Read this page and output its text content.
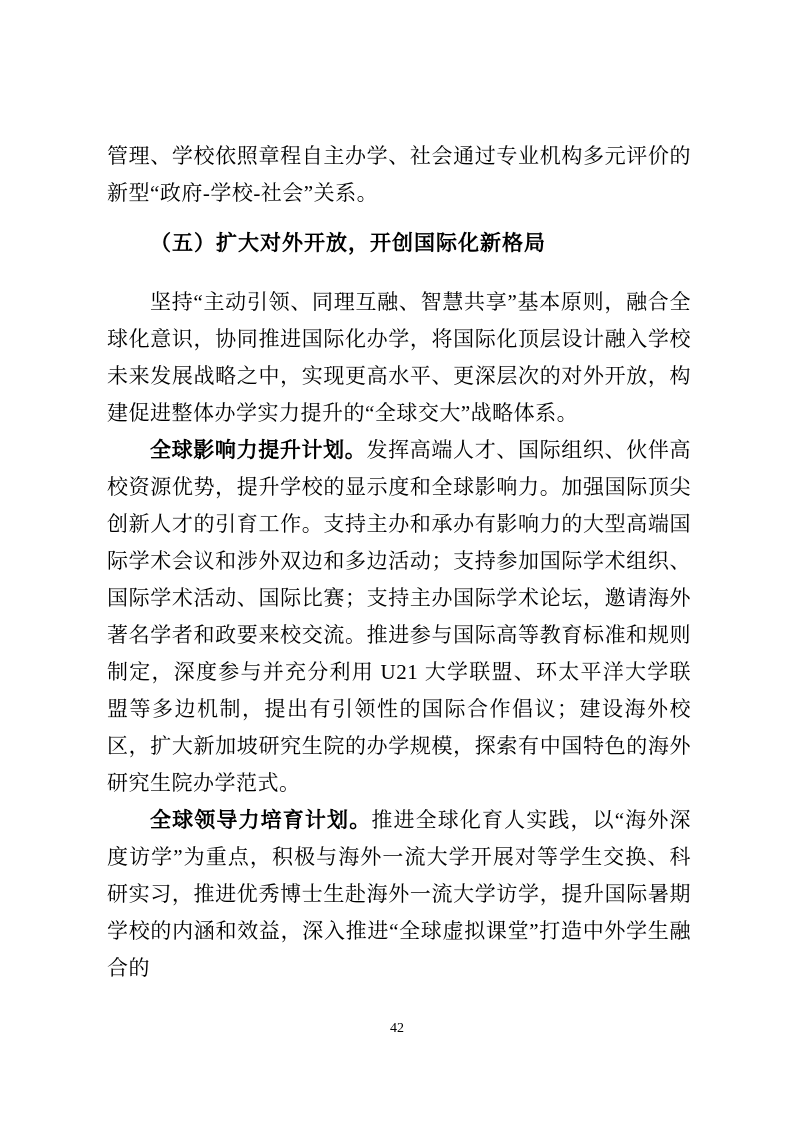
管理、学校依照章程自主办学、社会通过专业机构多元评价的新型“政府-学校-社会”关系。

（五）扩大对外开放，开创国际化新格局

坚持“主动引领、同理互融、智慧共享”基本原则，融合全球化意识，协同推进国际化办学，将国际化顶层设计融入学校未来发展战略之中，实现更高水平、更深层次的对外开放，构建促进整体办学实力提升的“全球交大”战略体系。

全球影响力提升计划。发挥高端人才、国际组织、伙伴高校资源优势，提升学校的显示度和全球影响力。加强国际顶尖创新人才的引育工作。支持主办和承办有影响力的大型高端国际学术会议和涉外双边和多边活动；支持参加国际学术组织、国际学术活动、国际比赛；支持主办国际学术论坛，邀请海外著名学者和政要来校交流。推进参与国际高等教育标准和规则制定，深度参与并充分利用 U21 大学联盟、环太平洋大学联盟等多边机制，提出有引领性的国际合作倡议；建设海外校区，扩大新加坡研究生院的办学规模，探索有中国特色的海外研究生院办学范式。

全球领导力培育计划。推进全球化育人实践，以“海外深度访学”为重点，积极与海外一流大学开展对等学生交换、科研实习，推进优秀博士生赴海外一流大学访学，提升国际暑期学校的内涵和效益，深入推进“全球虚拟课堂”打造中外学生融合的

42
